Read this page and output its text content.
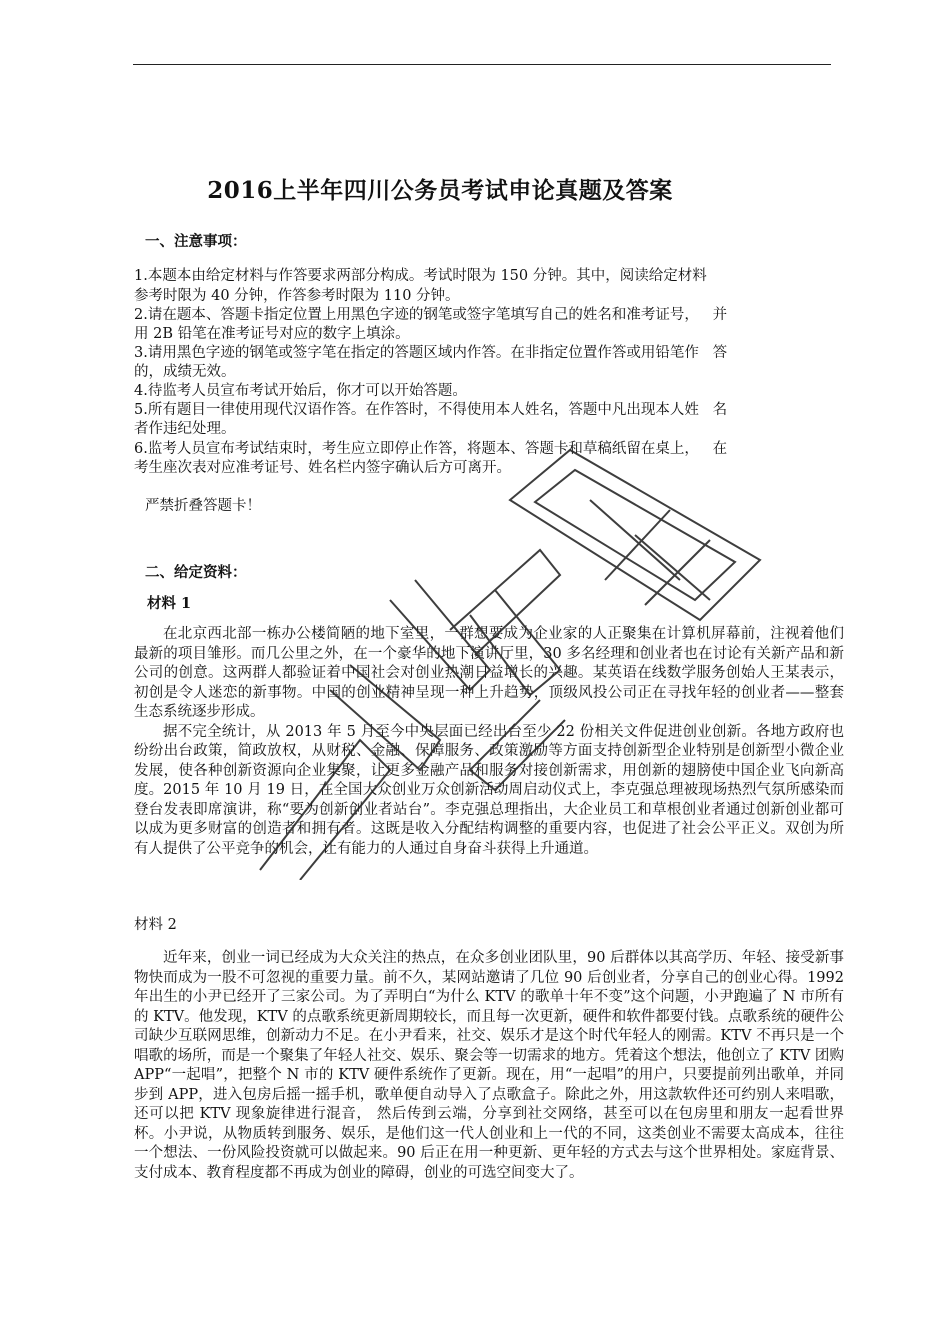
2016上半年四川公务员考试申论真题及答案
一、注意事项：
1.本题本由给定材料与作答要求两部分构成。考试时限为 150 分钟。其中，阅读给定材料
参考时限为 40 分钟，作答参考时限为 110 分钟。
2.请在题本、答题卡指定位置上用黑色字迹的钢笔或签字笔填写自己的姓名和准考证号，   并
用 2B 铅笔在准考证号对应的数字上填涂。
3.请用黑色字迹的钢笔或签字笔在指定的答题区域内作答。在非指定位置作答或用铅笔作   答
的，成绩无效。
4.待监考人员宣布考试开始后，你才可以开始答题。
5.所有题目一律使用现代汉语作答。在作答时，不得使用本人姓名，答题中凡出现本人姓   名
者作违纪处理。
6.监考人员宣布考试结束时，考生应立即停止作答，将题本、答题卡和草稿纸留在桌上，   在
考生座次表对应准考证号、姓名栏内签字确认后方可离开。
严禁折叠答题卡！
二、给定资料：
材料 1

在北京西北部一栋办公楼简陋的地下室里，一群想要成为企业家的人正聚集在计算机屏幕前，注视着他们最新的项目雏形。而几公里之外，在一个豪华的地下演讲厅里，30 多名经理和创业者也在讨论有关新产品和新公司的创意。这两群人都验证着中国社会对创业热潮日益增长的兴趣。某英语在线数学服务创始人王某表示，初创是令人迷恋的新事物。中国的创业精神呈现一种上升趋势，顶级风投公司正在寻找年轻的创业者——整套生态系统逐步形成。

据不完全统计，从 2013 年 5 月至今中央层面已经出台至少 22 份相关文件促进创业创新。各地方政府也纷纷出台政策，简政放权，从财税、金融、保障服务、政策激励等方面支持创新型企业特别是创新型小微企业发展，使各种创新资源向企业集聚，让更多金融产品和服务对接创新需求，用创新的翅膀使中国企业飞向新高度。2015 年 10 月 19 日，在全国大众创业万众创新活动周启动仪式上，李克强总理被现场热烈气氛所感染而登台发表即席演讲，称“要为创新创业者站台”。李克强总理指出，大企业员工和草根创业者通过创新创业都可以成为更多财富的创造者和拥有者。这既是收入分配结构调整的重要内容，也促进了社会公平正义。双创为所有人提供了公平竞争的机会，让有能力的人通过自身奋斗获得上升通道。

材料 2

近年来，创业一词已经成为大众关注的热点，在众多创业团队里，90 后群体以其高学历、年轻、接受新事物快而成为一股不可忽视的重要力量。前不久，某网站邀请了几位 90 后创业者，分享自己的创业心得。1992 年出生的小尹已经开了三家公司。为了弄明白“为什么 KTV 的歌单十年不变”这个问题，小尹跑遍了 N 市所有的 KTV。他发现，KTV 的点歌系统更新周期较长，而且每一次更新，硬件和软件都要付钱。点歌系统的硬件公司缺少互联网思维，创新动力不足。在小尹看来，社交、娱乐才是这个时代年轻人的刚需。KTV 不再只是一个唱歌的场所，而是一个聚集了年轻人社交、娱乐、聚会等一切需求的地方。凭着这个想法，他创立了 KTV 团购 APP“一起唱”，把整个 N 市的 KTV 硬件系统作了更新。现在，用“一起唱”的用户，只要提前列出歌单，并同步到 APP，进入包房后摇一摇手机，歌单便自动导入了点歌盒子。除此之外，用这款软件还可约别人来唱歌，还可以把 KTV 现象旋律进行混音， 然后传到云端，分享到社交网络，甚至可以在包房里和朋友一起看世界杯。小尹说，从物质转到服务、娱乐，是他们这一代人创业和上一代的不同，这类创业不需要太高成本，往往一个想法、一份风险投资就可以做起来。90 后正在用一种更新、更年轻的方式去与这个世界相处。家庭背景、支付成本、教育程度都不再成为创业的障碍，创业的可选空间变大了。
